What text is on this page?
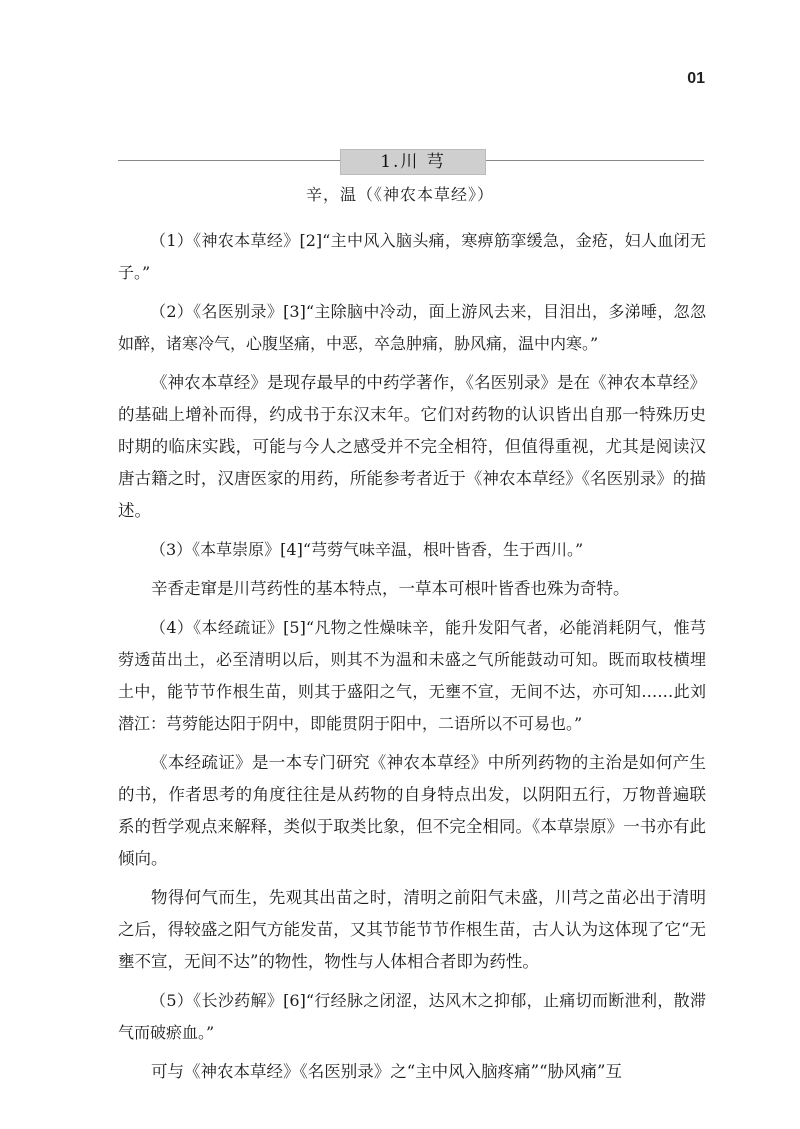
01
1.川 芎
辛，温（《神农本草经》）

（1）《神农本草经》[2]“主中风入脑头痛，寒痹筋挛缓急，金疮，妇人血闭无子。”

（2）《名医别录》[3]“主除脑中冷动，面上游风去来，目泪出，多涕唾，忽忽如醉，诸寒冷气，心腹坚痛，中恶，卒急肿痛，胁风痛，温中内寒。”

《神农本草经》是现存最早的中药学著作，《名医别录》是在《神农本草经》的基础上增补而得，约成书于东汉末年。它们对药物的认识皆出自那一特殊历史时期的临床实践，可能与今人之感受并不完全相符，但值得重视，尤其是阅读汉唐古籍之时，汉唐医家的用药，所能参考者近于《神农本草经》《名医别录》的描述。

（3）《本草崇原》[4]“芎䓖气味辛温，根叶皆香，生于西川。”

辛香走窜是川芎药性的基本特点，一草本可根叶皆香也殊为奇特。

（4）《本经疏证》[5]“凡物之性燥味辛，能升发阳气者，必能消耗阴气，惟芎䓖透苗出土，必至清明以后，则其不为温和未盛之气所能鼓动可知。既而取枝横埋土中，能节节作根生苗，则其于盛阳之气，无壅不宣，无间不达，亦可知……此刘潜江：芎䓖能达阳于阴中，即能贯阴于阳中，二语所以不可易也。”

《本经疏证》是一本专门研究《神农本草经》中所列药物的主治是如何产生的书，作者思考的角度往往是从药物的自身特点出发，以阴阳五行，万物普遍联系的哲学观点来解释，类似于取类比象，但不完全相同。《本草崇原》一书亦有此倾向。

物得何气而生，先观其出苗之时，清明之前阳气未盛，川芎之苗必出于清明之后，得较盛之阳气方能发苗，又其节能节节作根生苗，古人认为这体现了它“无壅不宣，无间不达”的物性，物性与人体相合者即为药性。

（5）《长沙药解》[6]“行经脉之闭涩，达风木之抑郁，止痛切而断泄利，散滞气而破瘀血。”

可与《神农本草经》《名医别录》之“主中风入脑疼痛”“胁风痛”互
